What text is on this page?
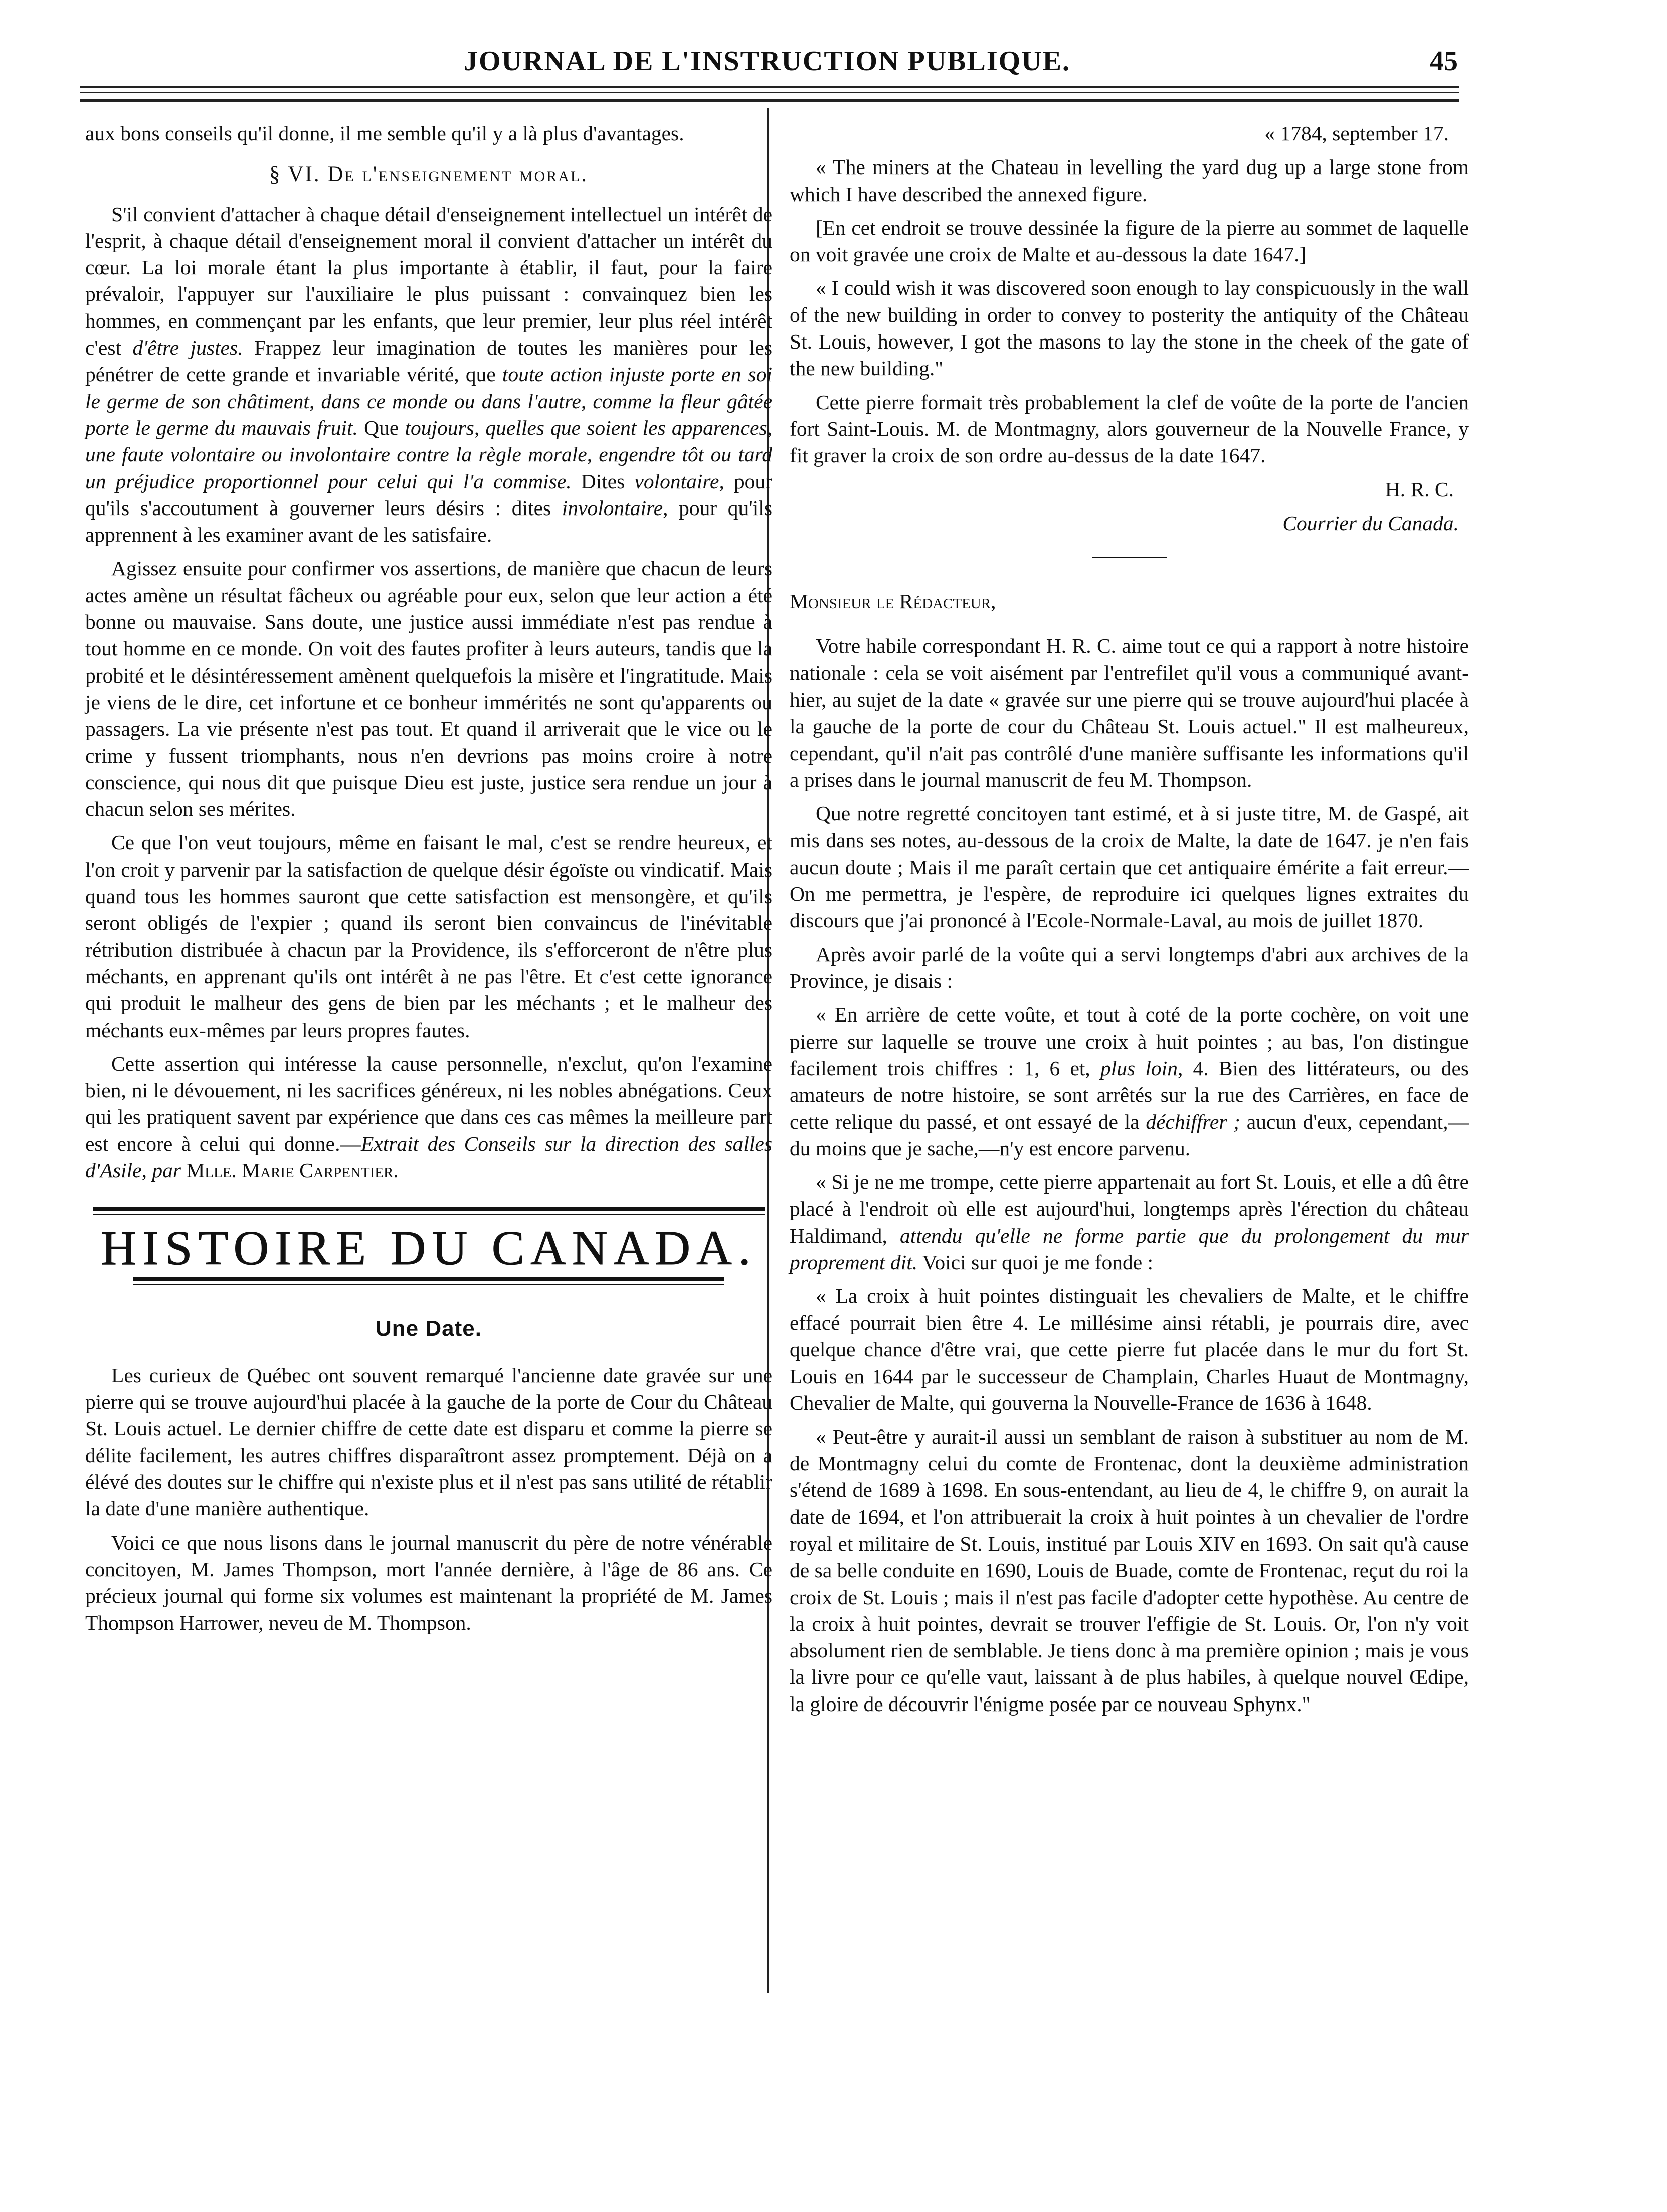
JOURNAL DE L'INSTRUCTION PUBLIQUE.	45

aux bons conseils qu'il donne, il me semble qu'il y a là plus d'avantages.

§ VI. De l'enseignement moral.

S'il convient d'attacher à chaque détail d'enseignement intellectuel un intérêt de l'esprit, à chaque détail d'enseignement moral il convient d'attacher un intérêt du cœur. La loi morale étant la plus importante à établir, il faut, pour la faire prévaloir, l'appuyer sur l'auxiliaire le plus puissant : convainquez bien les hommes, en commençant par les enfants, que leur premier, leur plus réel intérêt c'est d'être justes. Frappez leur imagination de toutes les manières pour les pénétrer de cette grande et invariable vérité, que toute action injuste porte en soi le germe de son châtiment, dans ce monde ou dans l'autre, comme la fleur gâtée porte le germe du mauvais fruit. Que toujours, quelles que soient les apparences, une faute volontaire ou involontaire contre la règle morale, engendre tôt ou tard un préjudice proportionnel pour celui qui l'a commise. Dites volontaire, pour qu'ils s'accoutument à gouverner leurs désirs : dites involontaire, pour qu'ils apprennent à les examiner avant de les satisfaire.

Agissez ensuite pour confirmer vos assertions, de manière que chacun de leurs actes amène un résultat fâcheux ou agréable pour eux, selon que leur action a été bonne ou mauvaise. Sans doute, une justice aussi immédiate n'est pas rendue à tout homme en ce monde. On voit des fautes profiter à leurs auteurs, tandis que la probité et le désintéressement amènent quelquefois la misère et l'ingratitude. Mais je viens de le dire, cet infortune et ce bonheur immérités ne sont qu'apparents ou passagers. La vie présente n'est pas tout. Et quand il arriverait que le vice ou le crime y fussent triomphants, nous n'en devrions pas moins croire à notre conscience, qui nous dit que puisque Dieu est juste, justice sera rendue un jour à chacun selon ses mérites.

Ce que l'on veut toujours, même en faisant le mal, c'est se rendre heureux, et l'on croit y parvenir par la satisfaction de quelque désir égoïste ou vindicatif. Mais quand tous les hommes sauront que cette satisfaction est mensongère, et qu'ils seront obligés de l'expier ; quand ils seront bien convaincus de l'inévitable rétribution distribuée à chacun par la Providence, ils s'efforceront de n'être plus méchants, en apprenant qu'ils ont intérêt à ne pas l'être. Et c'est cette ignorance qui produit le malheur des gens de bien par les méchants ; et le malheur des méchants eux-mêmes par leurs propres fautes.

Cette assertion qui intéresse la cause personnelle, n'exclut, qu'on l'examine bien, ni le dévouement, ni les sacrifices généreux, ni les nobles abnégations. Ceux qui les pratiquent savent par expérience que dans ces cas mêmes la meilleure part est encore à celui qui donne.—Extrait des Conseils sur la direction des salles d'Asile, par Mlle. Marie Carpentier.

HISTOIRE DU CANADA.
Une Date.

Les curieux de Québec ont souvent remarqué l'ancienne date gravée sur une pierre qui se trouve aujourd'hui placée à la gauche de la porte de Cour du Château St. Louis actuel. Le dernier chiffre de cette date est disparu et comme la pierre se délite facilement, les autres chiffres disparaîtront assez promptement. Déjà on a élévé des doutes sur le chiffre qui n'existe plus et il n'est pas sans utilité de rétablir la date d'une manière authentique.

Voici ce que nous lisons dans le journal manuscrit du père de notre vénérable concitoyen, M. James Thompson, mort l'année dernière, à l'âge de 86 ans. Ce précieux journal qui forme six volumes est maintenant la propriété de M. James Thompson Harrower, neveu de M. Thompson.

« 1784, september 17.

« The miners at the Chateau in levelling the yard dug up a large stone from which I have described the annexed figure.

[En cet endroit se trouve dessinée la figure de la pierre au sommet de laquelle on voit gravée une croix de Malte et au-dessous la date 1647.]

« I could wish it was discovered soon enough to lay conspicuously in the wall of the new building in order to convey to posterity the antiquity of the Château St. Louis, however, I got the masons to lay the stone in the cheek of the gate of the new building."

Cette pierre formait très probablement la clef de voûte de la porte de l'ancien fort Saint-Louis. M. de Montmagny, alors gouverneur de la Nouvelle France, y fit graver la croix de son ordre au-dessus de la date 1647.

H. R. C.

Courrier du Canada.

Monsieur le Rédacteur,

Votre habile correspondant H. R. C. aime tout ce qui a rapport à notre histoire nationale : cela se voit aisément par l'entrefilet qu'il vous a communiqué avant-hier, au sujet de la date « gravée sur une pierre qui se trouve aujourd'hui placée à la gauche de la porte de cour du Château St. Louis actuel." Il est malheureux, cependant, qu'il n'ait pas contrôlé d'une manière suffisante les informations qu'il a prises dans le journal manuscrit de feu M. Thompson.

Que notre regretté concitoyen tant estimé, et à si juste titre, M. de Gaspé, ait mis dans ses notes, au-dessous de la croix de Malte, la date de 1647. je n'en fais aucun doute ; Mais il me paraît certain que cet antiquaire émérite a fait erreur.—On me permettra, je l'espère, de reproduire ici quelques lignes extraites du discours que j'ai prononcé à l'Ecole-Normale-Laval, au mois de juillet 1870.

Après avoir parlé de la voûte qui a servi longtemps d'abri aux archives de la Province, je disais :

« En arrière de cette voûte, et tout à coté de la porte cochère, on voit une pierre sur laquelle se trouve une croix à huit pointes ; au bas, l'on distingue facilement trois chiffres : 1, 6 et, plus loin, 4. Bien des littérateurs, ou des amateurs de notre histoire, se sont arrêtés sur la rue des Carrières, en face de cette relique du passé, et ont essayé de la déchiffrer ; aucun d'eux, cependant,—du moins que je sache,—n'y est encore parvenu.

« Si je ne me trompe, cette pierre appartenait au fort St. Louis, et elle a dû être placé à l'endroit où elle est aujourd'hui, longtemps après l'érection du château Haldimand, attendu qu'elle ne forme partie que du prolongement du mur proprement dit. Voici sur quoi je me fonde :

« La croix à huit pointes distinguait les chevaliers de Malte, et le chiffre effacé pourrait bien être 4. Le millésime ainsi rétabli, je pourrais dire, avec quelque chance d'être vrai, que cette pierre fut placée dans le mur du fort St. Louis en 1644 par le successeur de Champlain, Charles Huaut de Montmagny, Chevalier de Malte, qui gouverna la Nouvelle-France de 1636 à 1648.

« Peut-être y aurait-il aussi un semblant de raison à substituer au nom de M. de Montmagny celui du comte de Frontenac, dont la deuxième administration s'étend de 1689 à 1698. En sous-entendant, au lieu de 4, le chiffre 9, on aurait la date de 1694, et l'on attribuerait la croix à huit pointes à un chevalier de l'ordre royal et militaire de St. Louis, institué par Louis XIV en 1693. On sait qu'à cause de sa belle conduite en 1690, Louis de Buade, comte de Frontenac, reçut du roi la croix de St. Louis ; mais il n'est pas facile d'adopter cette hypothèse. Au centre de la croix à huit pointes, devrait se trouver l'effigie de St. Louis. Or, l'on n'y voit absolument rien de semblable. Je tiens donc à ma première opinion ; mais je vous la livre pour ce qu'elle vaut, laissant à de plus habiles, à quelque nouvel Œdipe, la gloire de découvrir l'énigme posée par ce nouveau Sphynx."
